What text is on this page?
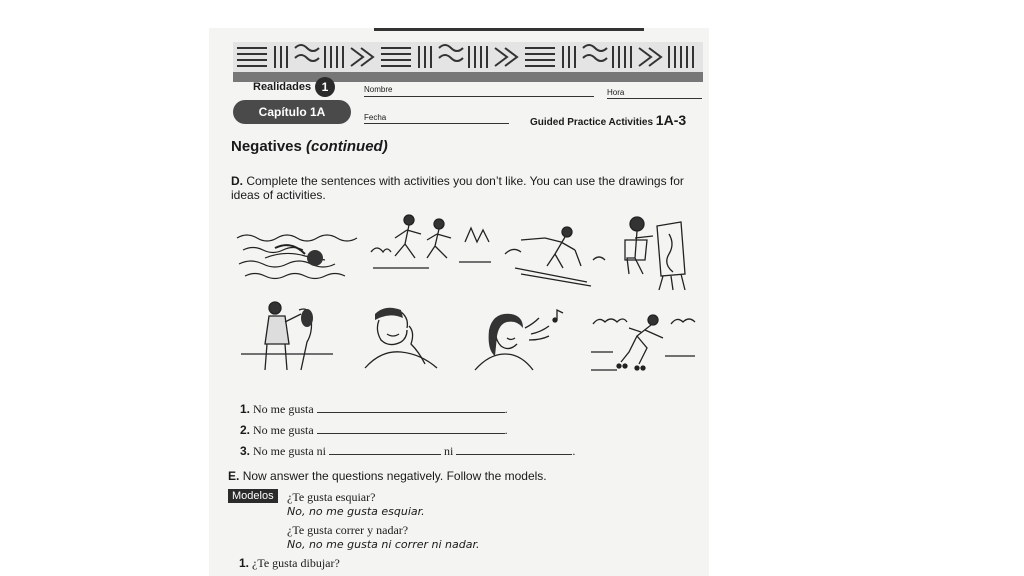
Realidades 1
Capítulo 1A
Nombre	Hora
Fecha	Guided Practice Activities 1A-3
Negatives (continued)
D. Complete the sentences with activities you don’t like. You can use the drawings for ideas of activities.
1. No me gusta	.
2. No me gusta	.
3. No me gusta ni	ni	.
E. Now answer the questions negatively. Follow the models.
Modelos	¿Te gusta esquiar?
No, no me gusta esquiar.
¿Te gusta correr y nadar?
No, no me gusta ni correr ni nadar.
1. ¿Te gusta dibujar?
